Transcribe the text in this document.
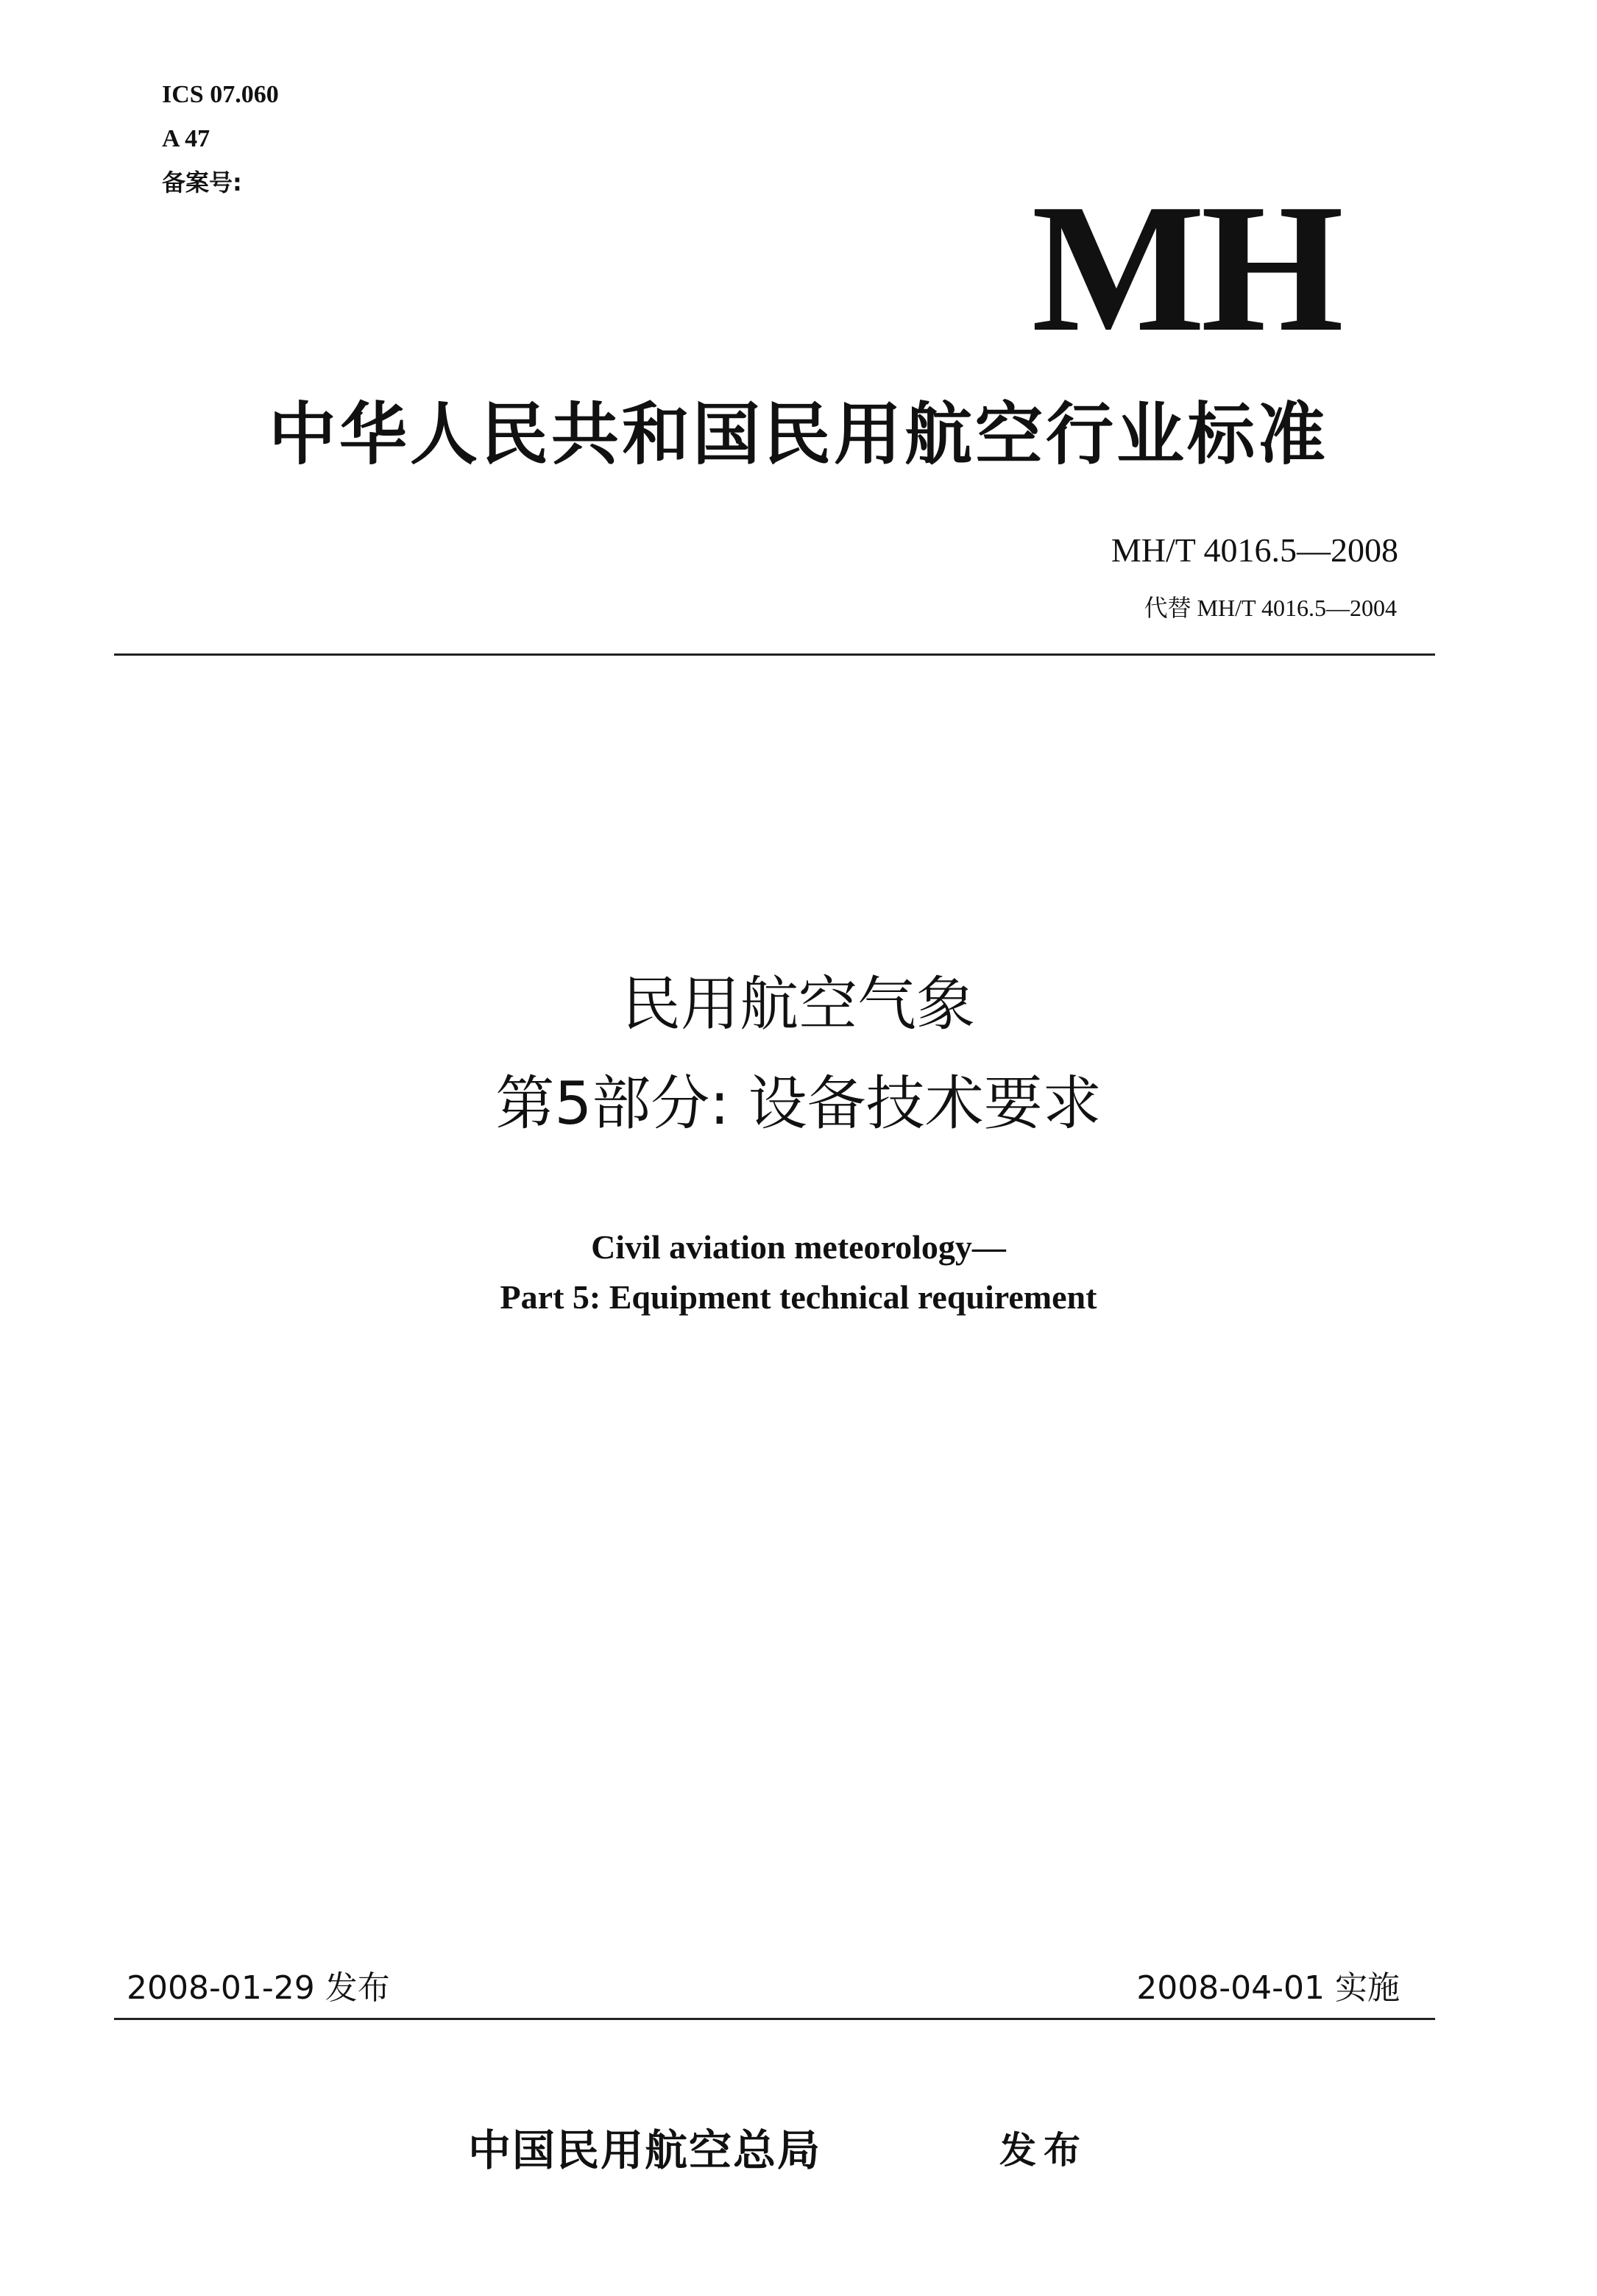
ICS 07.060
A 47
备案号:	MH
中华人民共和国民用航空行业标准
MH/T 4016.5—2008
代替 MH/T 4016.5—2004
民用航空气象
第5部分: 设备技术要求
Civil aviation meteorology—
Part 5: Equipment technical requirement
2008-01-29 发布	2008-04-01 实施
中国民用航空总局	发布
